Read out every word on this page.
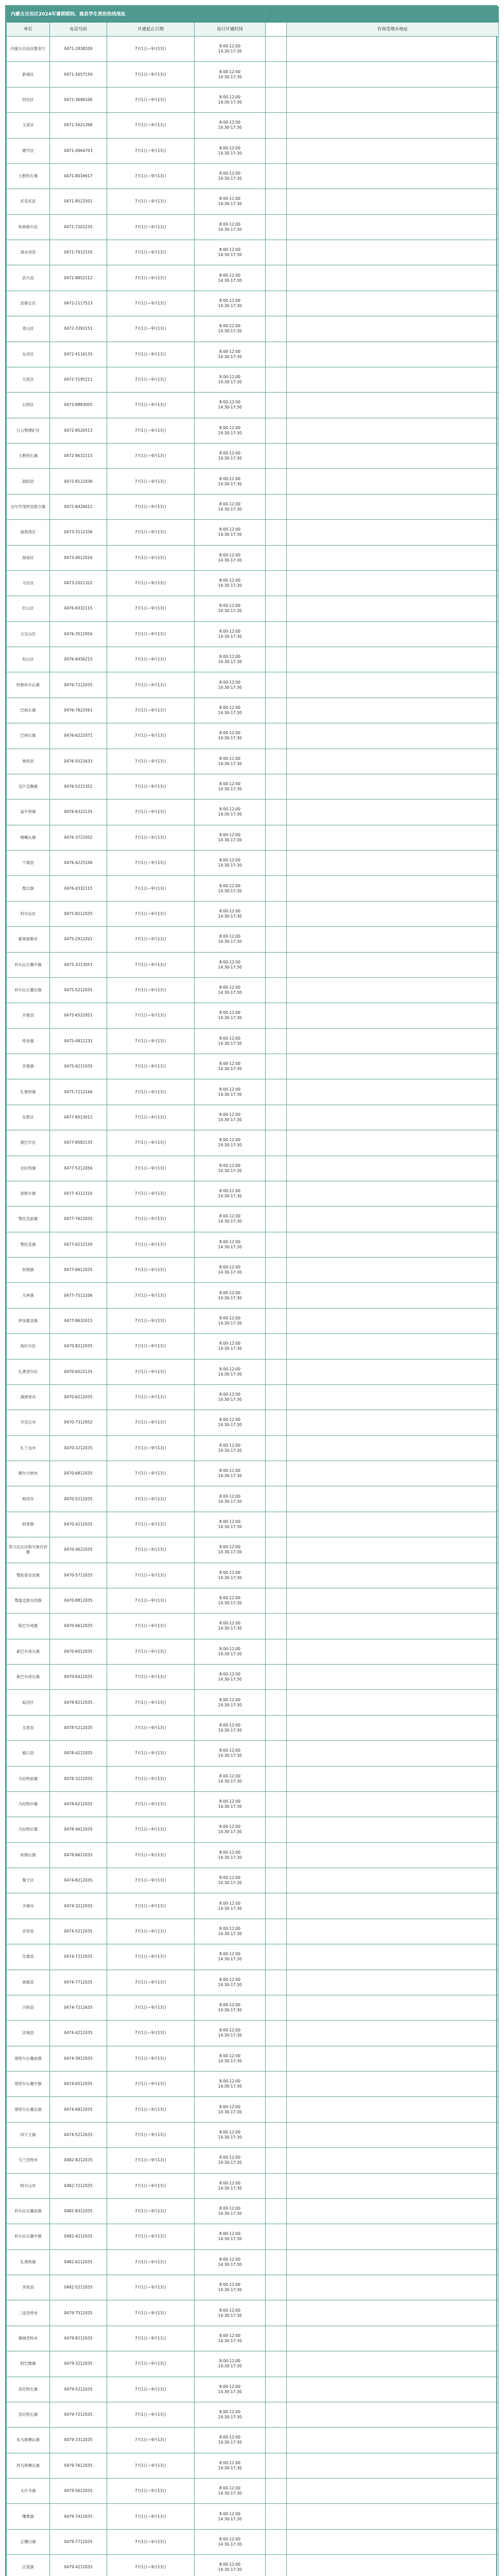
内蒙古自治区2024年暑期期间、旗县学生资助热线地址					
单位	电话号码	开通起止日期	每日开通时间		咨询受理办地址
内蒙古自治区教育厅	0471-2838209	7月1日—9月13日	8:00-12:00
14:30-17:30		

新城区	0471-5657150	7月1日—9月13日	8:00-12:00
14:30-17:30		

回民区	0471-3696106	7月1日—9月13日	8:00-12:00
14:30-17:30		

玉泉区	0471-5621398	7月1日—9月13日	8:00-12:00
14:30-17:30		

赛罕区	0471-4964703	7月1日—9月13日	8:00-12:00
14:30-17:30		

土默特左旗	0471-8016617	7月1日—9月13日	8:00-12:00
14:30-17:30		

托克托县	0471-8522501	7月1日—9月13日	8:00-12:00
14:30-17:30		

和林格尔县	0471-7201235	7月1日—9月13日	8:00-12:00
14:30-17:30		

清水河县	0471-7912155	7月1日—9月13日	8:00-12:00
14:30-17:30		

武川县	0471-8852112	7月1日—9月13日	8:00-12:00
14:30-17:30		

昆都仑区	0472-2117523	7月1日—9月13日	8:00-12:00
14:30-17:30		

青山区	0472-3392151	7月1日—9月13日	8:00-12:00
14:30-17:30		

东河区	0472-4116135	7月1日—9月13日	8:00-12:00
14:30-17:30		

九原区	0472-7195211	7月1日—9月13日	8:00-12:00
14:30-17:30		

石拐区	0472-8883005	7月1日—9月13日	8:00-12:00
14:30-17:30		

白云鄂博矿区	0472-8526513	7月1日—9月13日	8:00-12:00
14:30-17:30		

土默特右旗	0472-8632115	7月1日—9月13日	8:00-12:00
14:30-17:30		

固阳县	0472-8122036	7月1日—9月13日	8:00-12:00
14:30-17:30		

达尔罕茂明安联合旗	0472-8426012	7月1日—9月13日	8:00-12:00
14:30-17:30		

海勃湾区	0473-3112336	7月1日—9月13日	8:00-12:00
14:30-17:30		

海南区	0473-4012016	7月1日—9月13日	8:00-12:00
14:30-17:30		

乌达区	0473-2021322	7月1日—9月13日	8:00-12:00
14:30-17:30		

红山区	0476-8332115	7月1日—9月13日	8:00-12:00
14:30-17:30		

元宝山区	0476-3512056	7月1日—9月13日	8:00-12:00
14:30-17:30		

松山区	0476-8456215	7月1日—9月13日	8:00-12:00
14:30-17:30		

阿鲁科尔沁旗	0476-7212035	7月1日—9月13日	8:00-12:00
14:30-17:30		

巴林左旗	0476-7822561	7月1日—9月13日	8:00-12:00
14:30-17:30		

巴林右旗	0476-6222071	7月1日—9月13日	8:00-12:00
14:30-17:30		

林西县	0476-5522633	7月1日—9月13日	8:00-12:00
14:30-17:30		

克什克腾旗	0476-5221352	7月1日—9月13日	8:00-12:00
14:30-17:30		

翁牛特旗	0476-6322135	7月1日—9月13日	8:00-12:00
14:30-17:30		

喀喇沁旗	0476-3722052	7月1日—9月13日	8:00-12:00
14:30-17:30		

宁城县	0476-4225106	7月1日—9月13日	8:00-12:00
14:30-17:30		

敖汉旗	0476-4332115	7月1日—9月13日	8:00-12:00
14:30-17:30		

科尔沁区	0475-8212035	7月1日—9月13日	8:00-12:00
14:30-17:30		

霍林郭勒市	0475-2912201	7月1日—9月13日	8:00-12:00
14:30-17:30		

科尔沁左翼中旗	0475-3213051	7月1日—9月13日	8:00-12:00
14:30-17:30		

科尔沁左翼后旗	0475-5212035	7月1日—9月13日	8:00-12:00
14:30-17:30		

开鲁县	0475-6522051	7月1日—9月13日	8:00-12:00
14:30-17:30		

库伦旗	0475-4812231	7月1日—9月13日	8:00-12:00
14:30-17:30		

奈曼旗	0475-4211035	7月1日—9月13日	8:00-12:00
14:30-17:30		

扎鲁特旗	0475-7212166	7月1日—9月13日	8:00-12:00
14:30-17:30		

东胜区	0477-8513012	7月1日—9月13日	8:00-12:00
14:30-17:30		

康巴什区	0477-8582135	7月1日—9月13日	8:00-12:00
14:30-17:30		

达拉特旗	0477-5212056	7月1日—9月13日	8:00-12:00
14:30-17:30		

准格尔旗	0477-4212310	7月1日—9月13日	8:00-12:00
14:30-17:30		

鄂托克前旗	0477-7612035	7月1日—9月13日	8:00-12:00
14:30-17:30		

鄂托克旗	0477-6212150	7月1日—9月13日	8:00-12:00
14:30-17:30		

杭锦旗	0477-6612035	7月1日—9月13日	8:00-12:00
14:30-17:30		

乌审旗	0477-7512106	7月1日—9月13日	8:00-12:00
14:30-17:30		

伊金霍洛旗	0477-8632015	7月1日—9月13日	8:00-12:00
14:30-17:30		

海拉尔区	0470-8212035	7月1日—9月13日	8:00-12:00
14:30-17:30		

扎赉诺尔区	0470-6022135	7月1日—9月13日	8:00-12:00
14:30-17:30		

满洲里市	0470-6212035	7月1日—9月13日	8:00-12:00
14:30-17:30		

牙克石市	0470-7312052	7月1日—9月13日	8:00-12:00
14:30-17:30		

扎兰屯市	0470-3212035	7月1日—9月13日	8:00-12:00
14:30-17:30		

额尔古纳市	0470-6812035	7月1日—9月13日	8:00-12:00
14:30-17:30		

根河市	0470-5212035	7月1日—9月13日	8:00-12:00
14:30-17:30		

阿荣旗	0470-4212035	7月1日—9月13日	8:00-12:00
14:30-17:30		

莫力达瓦达斡尔族自治旗	0470-4622035	7月1日—9月13日	8:00-12:00
14:30-17:30		

鄂伦春自治旗	0470-5712035	7月1日—9月13日	8:00-12:00
14:30-17:30		

鄂温克族自治旗	0470-8812035	7月1日—9月13日	8:00-12:00
14:30-17:30		

陈巴尔虎旗	0470-6612035	7月1日—9月13日	8:00-12:00
14:30-17:30		

新巴尔虎左旗	0470-6012035	7月1日—9月13日	8:00-12:00
14:30-17:30		

新巴尔虎右旗	0470-6412035	7月1日—9月13日	8:00-12:00
14:30-17:30		

临河区	0478-8212035	7月1日—9月13日	8:00-12:00
14:30-17:30		

五原县	0478-5212035	7月1日—9月13日	8:00-12:00
14:30-17:30		

磴口县	0478-4212035	7月1日—9月13日	8:00-12:00
14:30-17:30		

乌拉特前旗	0478-3212035	7月1日—9月13日	8:00-12:00
14:30-17:30		

乌拉特中旗	0478-6212035	7月1日—9月13日	8:00-12:00
14:30-17:30		

乌拉特后旗	0478-4612035	7月1日—9月13日	8:00-12:00
14:30-17:30		

杭锦后旗	0478-6612035	7月1日—9月13日	8:00-12:00
14:30-17:30		

集宁区	0474-8212035	7月1日—9月13日	8:00-12:00
14:30-17:30		

丰镇市	0474-3212035	7月1日—9月13日	8:00-12:00
14:30-17:30		

卓资县	0474-5212035	7月1日—9月13日	8:00-12:00
14:30-17:30		

化德县	0474-7212035	7月1日—9月13日	8:00-12:00
14:30-17:30		

商都县	0474-7712035	7月1日—9月13日	8:00-12:00
14:30-17:30		

兴和县	0474-7212635	7月1日—9月13日	8:00-12:00
14:30-17:30		

凉城县	0474-4212035	7月1日—9月13日	8:00-12:00
14:30-17:30		

察哈尔右翼前旗	0474-3912035	7月1日—9月13日	8:00-12:00
14:30-17:30		

察哈尔右翼中旗	0474-6512035	7月1日—9月13日	8:00-12:00
14:30-17:30		

察哈尔右翼后旗	0474-6812035	7月1日—9月13日	8:00-12:00
14:30-17:30		

四子王旗	0474-5212635	7月1日—9月13日	8:00-12:00
14:30-17:30		

乌兰浩特市	0482-8212035	7月1日—9月13日	8:00-12:00
14:30-17:30		

阿尔山市	0482-7212035	7月1日—9月13日	8:00-12:00
14:30-17:30		

科尔沁右翼前旗	0482-8312035	7月1日—9月13日	8:00-12:00
14:30-17:30		

科尔沁右翼中旗	0482-4212035	7月1日—9月13日	8:00-12:00
14:30-17:30		

扎赉特旗	0482-6212035	7月1日—9月13日	8:00-12:00
14:30-17:30		

突泉县	0482-5212035	7月1日—9月13日	8:00-12:00
14:30-17:30		

二连浩特市	0479-7512035	7月1日—9月13日	8:00-12:00
14:30-17:30		

锡林浩特市	0479-8212035	7月1日—9月13日	8:00-12:00
14:30-17:30		

阿巴嘎旗	0479-3212035	7月1日—9月13日	8:00-12:00
14:30-17:30		

苏尼特左旗	0479-5212035	7月1日—9月13日	8:00-12:00
14:30-17:30		

苏尼特右旗	0479-7212035	7月1日—9月13日	8:00-12:00
14:30-17:30		

东乌珠穆沁旗	0479-3312035	7月1日—9月13日	8:00-12:00
14:30-17:30		

西乌珠穆沁旗	0479-7612035	7月1日—9月13日	8:00-12:00
14:30-17:30		

太仆寺旗	0479-5612035	7月1日—9月13日	8:00-12:00
14:30-17:30		

镶黄旗	0479-7412035	7月1日—9月13日	8:00-12:00
14:30-17:30		

正镶白旗	0479-7712035	7月1日—9月13日	8:00-12:00
14:30-17:30		

正蓝旗	0479-4212035	7月1日—9月13日	8:00-12:00
14:30-17:30		
